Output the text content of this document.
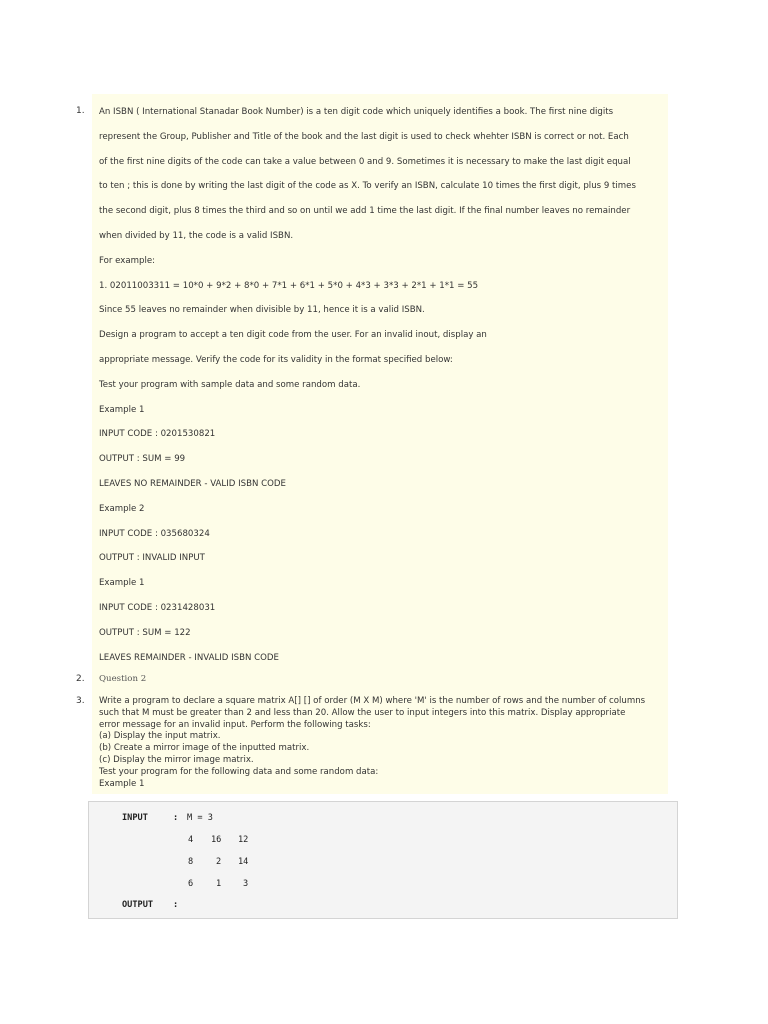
1. An ISBN ( International Stanadar Book Number) is a ten digit code which uniquely identifies a book. The first nine digits
represent the Group, Publisher and Title of the book and the last digit is used to check whehter ISBN is correct or not. Each
of the first nine digits of the code can take a value between 0 and 9. Sometimes it is necessary to make the last digit equal
to ten ; this is done by writing the last digit of the code as X. To verify an ISBN, calculate 10 times the first digit, plus 9 times
the second digit, plus 8 times the third and so on until we add 1 time the last digit. If the final number leaves no remainder
when divided by 11, the code is a valid ISBN.
For example:
1. 02011003311 = 10*0 + 9*2 + 8*0 + 7*1 + 6*1 + 5*0 + 4*3 + 3*3 + 2*1 + 1*1 = 55
Since 55 leaves no remainder when divisible by 11, hence it is a valid ISBN.
Design a program to accept a ten digit code from the user. For an invalid inout, display an
appropriate message. Verify the code for its validity in the format specified below:
Test your program with sample data and some random data.
Example 1
INPUT CODE : 0201530821
OUTPUT : SUM = 99
LEAVES NO REMAINDER - VALID ISBN CODE
Example 2
INPUT CODE : 035680324
OUTPUT : INVALID INPUT
Example 1
INPUT CODE : 0231428031
OUTPUT : SUM = 122
LEAVES REMAINDER - INVALID ISBN CODE
2. Question 2
3. Write a program to declare a square matrix A[] [] of order (M X M) where 'M' is the number of rows and the number of columns
such that M must be greater than 2 and less than 20. Allow the user to input integers into this matrix. Display appropriate
error message for an invalid input. Perform the following tasks:
(a) Display the input matrix.
(b) Create a mirror image of the inputted matrix.
(c) Display the mirror image matrix.
Test your program for the following data and some random data:
Example 1
INPUT	: M = 3
4 16 12
8	2 14
6	1	3
OUTPUT :
